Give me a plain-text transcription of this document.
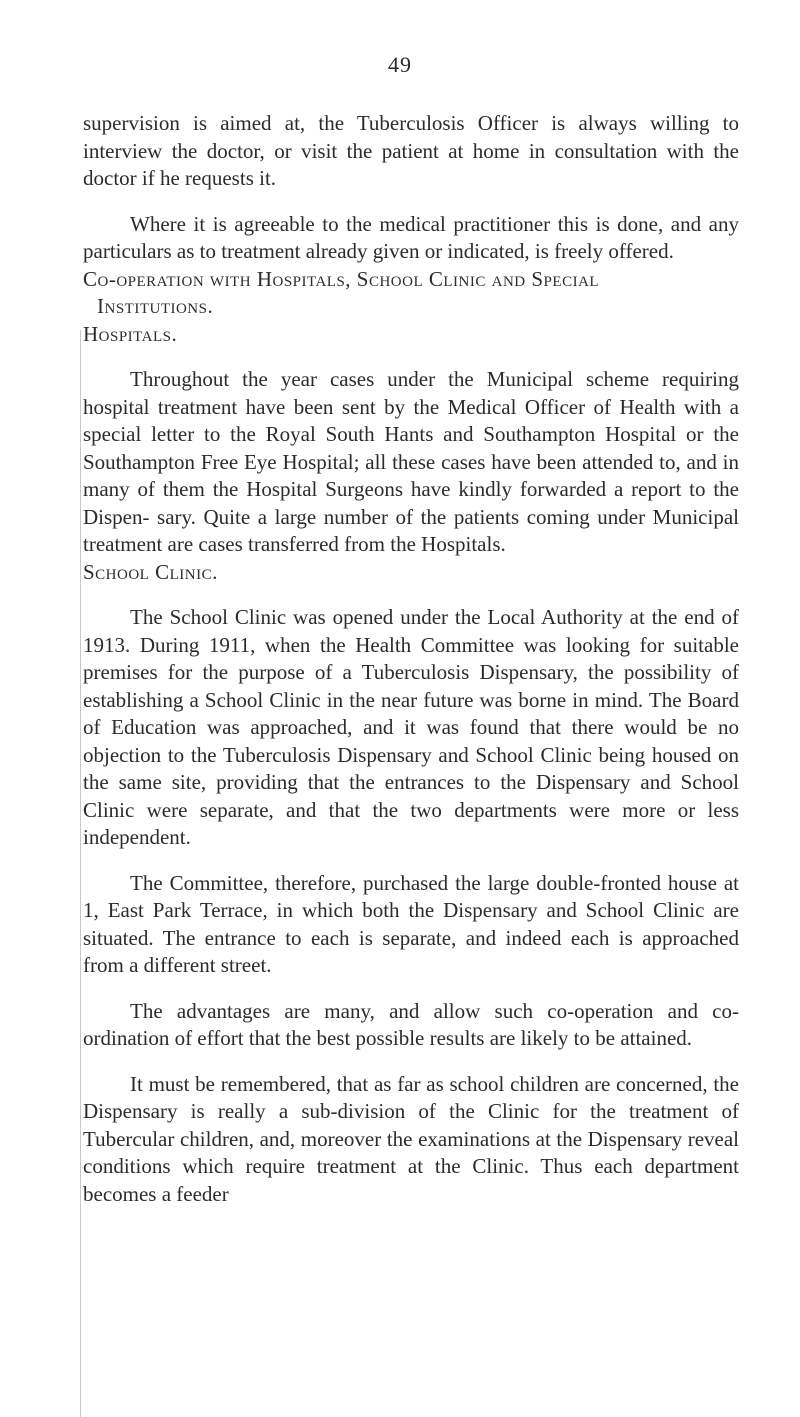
49

supervision is aimed at, the Tuberculosis Officer is always willing to interview the doctor, or visit the patient at home in consultation with the doctor if he requests it.

Where it is agreeable to the medical practitioner this is done, and any particulars as to treatment already given or indicated, is freely offered.

Co-operation with Hospitals, School Clinic and Special
Institutions.
Hospitals.

Throughout the year cases under the Municipal scheme requiring hospital treatment have been sent by the Medical Officer of Health with a special letter to the Royal South Hants and Southampton Hospital or the Southampton Free Eye Hospital; all these cases have been attended to, and in many of them the Hospital Surgeons have kindly forwarded a report to the Dispen- sary. Quite a large number of the patients coming under Municipal treatment are cases transferred from the Hospitals.

School Clinic.

The School Clinic was opened under the Local Authority at the end of 1913. During 1911, when the Health Committee was looking for suitable premises for the purpose of a Tuberculosis Dispensary, the possibility of establishing a School Clinic in the near future was borne in mind. The Board of Education was approached, and it was found that there would be no objection to the Tuberculosis Dispensary and School Clinic being housed on the same site, providing that the entrances to the Dispensary and School Clinic were separate, and that the two departments were more or less independent.

The Committee, therefore, purchased the large double-fronted house at 1, East Park Terrace, in which both the Dispensary and School Clinic are situated. The entrance to each is separate, and indeed each is approached from a different street.

The advantages are many, and allow such co-operation and co-ordination of effort that the best possible results are likely to be attained.

It must be remembered, that as far as school children are concerned, the Dispensary is really a sub-division of the Clinic for the treatment of Tubercular children, and, moreover the examinations at the Dispensary reveal conditions which require treatment at the Clinic. Thus each department becomes a feeder
